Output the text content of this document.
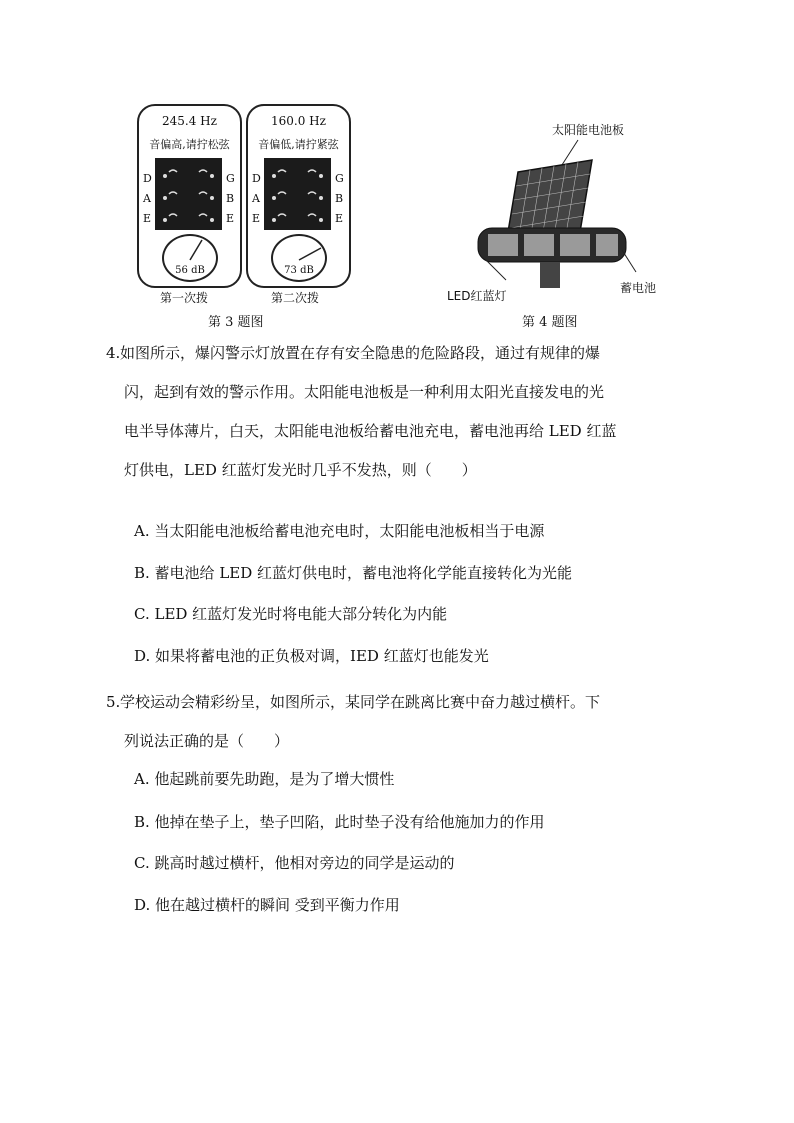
245.4 Hz
音偏高,请拧松弦
D
A
E
G
B
E
56 dB
第一次拨
160.0 Hz
音偏低,请拧紧弦
D
A
E
G
B
E
73 dB
第二次拨
第 3 题图
太阳能电池板
LED红蓝灯
蓄电池
第 4 题图
4. 如图所示，爆闪警示灯放置在存有安全隐患的危险路段，通过有规律的爆
闪，起到有效的警示作用。太阳能电池板是一种利用太阳光直接发电的光
电半导体薄片，白天，太阳能电池板给蓄电池充电，蓄电池再给 LED 红蓝
灯供电，LED 红蓝灯发光时几乎不发热，则（　　）
A. 当太阳能电池板给蓄电池充电时，太阳能电池板相当于电源
B. 蓄电池给 LED 红蓝灯供电时，蓄电池将化学能直接转化为光能
C. LED 红蓝灯发光时将电能大部分转化为内能
D. 如果将蓄电池的正负极对调，IED 红蓝灯也能发光
5. 学校运动会精彩纷呈，如图所示，某同学在跳离比赛中奋力越过横杆。下
列说法正确的是（　　）
A. 他起跳前要先助跑，是为了增大惯性
B. 他掉在垫子上，垫子凹陷，此时垫子没有给他施加力的作用
C. 跳高时越过横杆，他相对旁边的同学是运动的
D. 他在越过横杆的瞬间 受到平衡力作用
